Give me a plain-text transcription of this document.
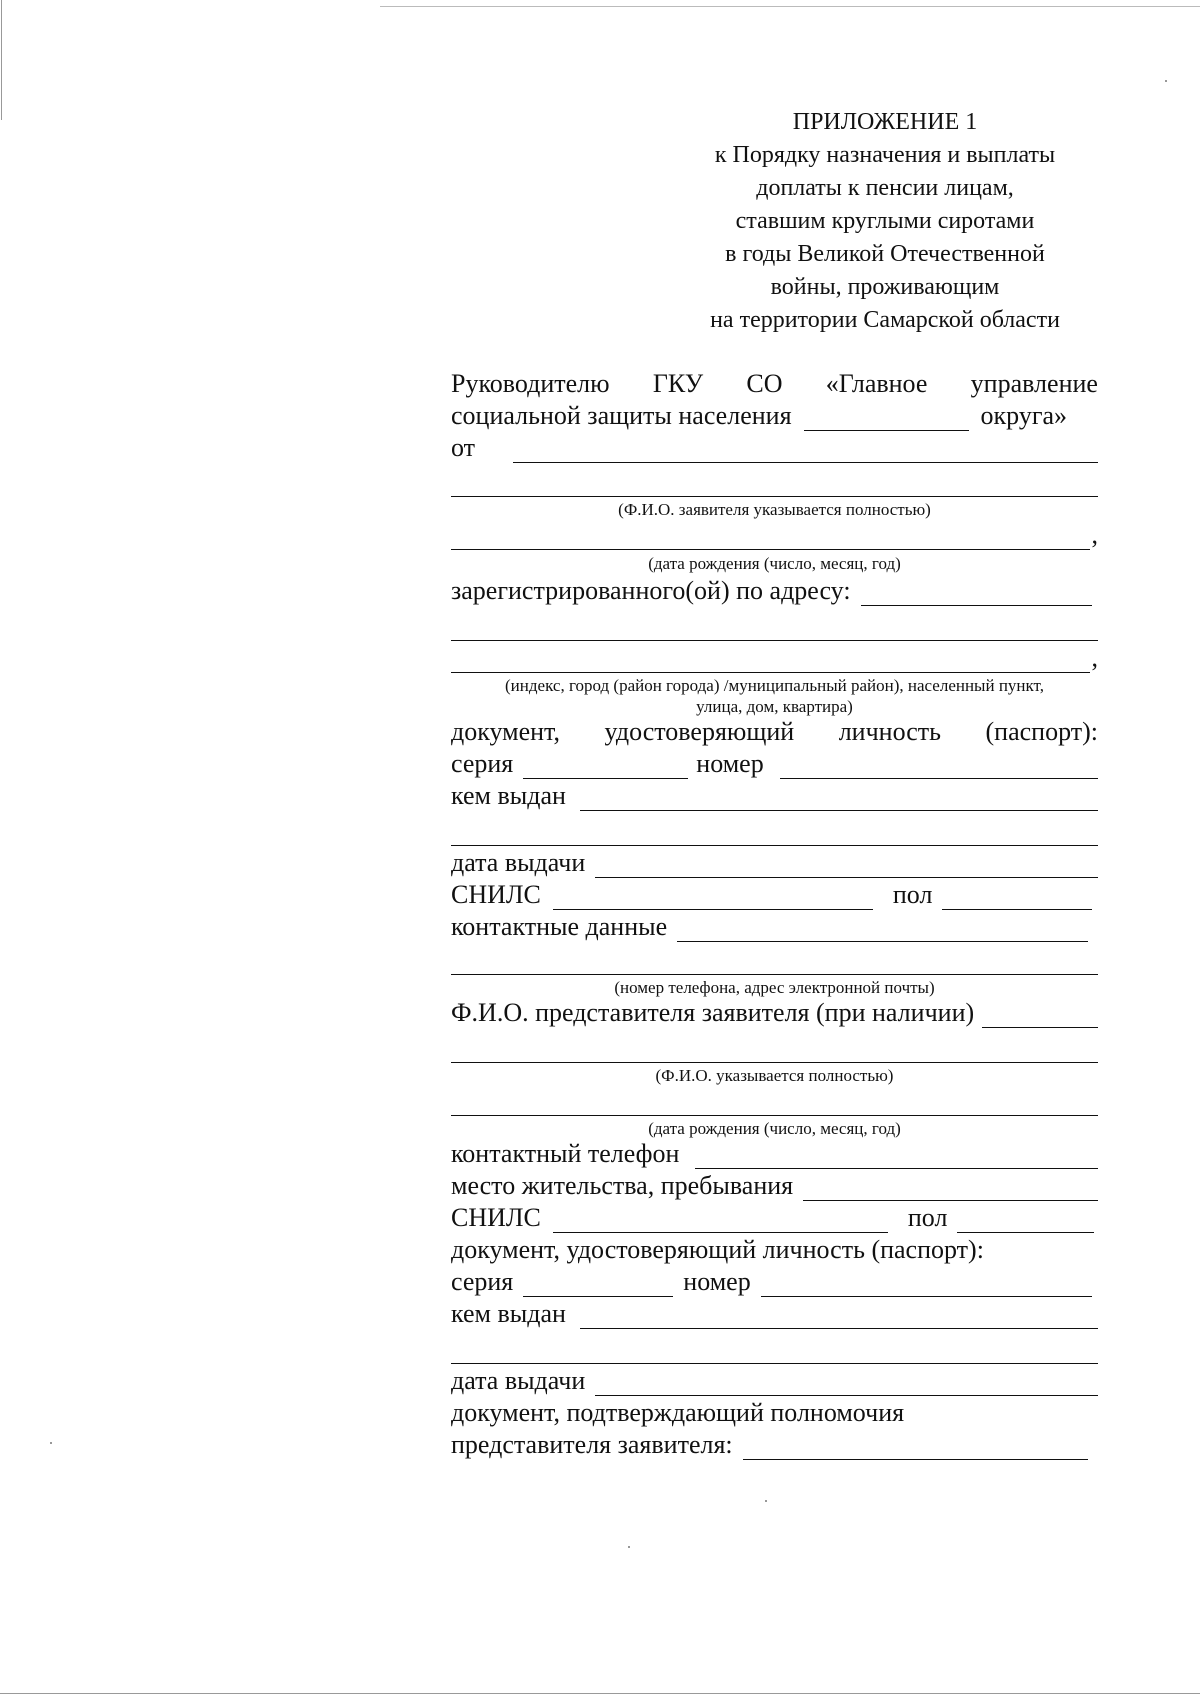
ПРИЛОЖЕНИЕ 1
к Порядку назначения и выплаты
доплаты к пенсии лицам,
ставшим круглыми сиротами
в годы Великой Отечественной
войны, проживающим
на территории Самарской области
Руководителю ГКУ СО «Главное управление
социальной защиты населения	округа»
от
(Ф.И.О. заявителя указывается полностью)
,
(дата рождения (число, месяц, год)
зарегистрированного(ой) по адресу:
,
(индекс, город (район города) /муниципальный район), населенный пункт,
улица, дом, квартира)
документ, удостоверяющий личность (паспорт):
серия	номер
кем выдан
дата выдачи
СНИЛС	пол
контактные данные
(номер телефона, адрес электронной почты)
Ф.И.О. представителя заявителя (при наличии)
(Ф.И.О. указывается полностью)
(дата рождения (число, месяц, год)
контактный телефон
место жительства, пребывания
СНИЛС	пол
документ, удостоверяющий личность (паспорт):
серия	номер
кем выдан
дата выдачи
документ, подтверждающий полномочия
представителя заявителя:
